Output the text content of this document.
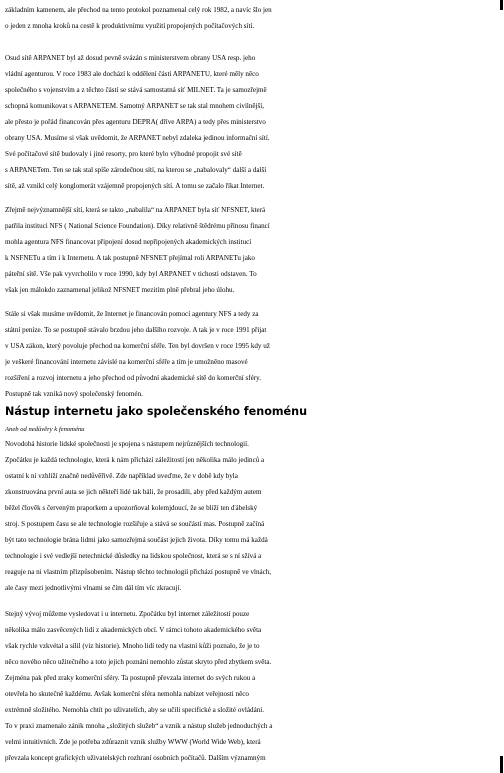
základním kamenem, ale přechod na tento protokol poznamenal celý rok 1982, a navíc šlo jen
o jeden z mnoha kroků na cestě k produktivnímu využití propojených počítačových sítí.
Osud sítě ARPANET byl až dosud pevně svázán s ministerstvem obrany USA resp. jeho
vládní agenturou. V roce 1983 ale dochází k oddělení části ARPANETU, které měly něco
společného s vojenstvím a z těchto částí se stává samostatná síť MILNET. Ta je samozřejmě
schopná komunikovat s ARPANETEM. Samotný ARPANET se tak stal mnohem civilnější,
ale přesto je pořád financován přes agenturu DEPRA( dříve ARPA) a tedy přes ministerstvo
obrany USA. Musíme si však uvědomit, že ARPANET nebyl zdaleka jedinou informační sítí.
Své počítačové sítě budovaly i jiné resorty, pro které bylo výhodné propojit své sítě
s ARPANETem. Ten se tak stal spíše zárodečnou sítí, na kterou se „nabalovaly“ další a další
sítě, až vznikl celý konglomerát vzájemně propojených sítí. A tomu se začalo říkat Internet.
Zřejmě nejvýznamnější sítí, která se takto „nabalila“ na ARPANET byla síť NFSNET, která
patřila instituci NFS ( National Science Foundation). Díky relativně štědrému přínosu financí
mohla agentura NFS financovat připojení dosud nepřipojených akademických institucí
k NSFNETu a tím i k Internetu. A tak postupně NFSNET přejímal roli ARPANETu jako
páteřní sítě. Vše pak vyvrcholilo v roce 1990, kdy byl ARPANET v tichosti odstaven. To
však jen málokdo zaznamenal jelikož NFSNET mezitím plně přebral jeho úlohu.
Stále si však musíme uvědomit, že Internet je financován pomocí agentury NFS a tedy za
státní peníze. To se postupně stávalo brzdou jeho dalšího rozvoje. A tak je v roce 1991 přijat
v USA zákon, který povoluje přechod na komerční sféře. Ten byl dovršen v roce 1995 kdy už
je veškeré financování internetu závislé na komerční sféře a tím je umožněno masové
rozšíření a rozvoj internetu a jeho přechod od původní akademické sítě do komerční sféry.
Postupně tak vzniká nový společenský fenomén.
Nástup internetu jako společenského fenoménu
Aneb od nedůvěry k fenoménu
Novodobá historie lidské společnosti je spojena s nástupem nejrůznějších technologií.
Zpočátku je každá technologie, která k nám přichází záležitostí jen několika málo jedinců a
ostatní k ní vzhlíží značně nedůvěřivě. Zde například uveďme, že v době kdy byla
zkonstruována první auta se jich někteří lidé tak báli, že prosadili, aby před každým autem
běžel člověk s červeným praporkem a upozorňoval kolemjdoucí, že se blíží ten ďábelský
stroj. S postupem času se ale technologie rozšiřuje a stává se součástí mas. Postupně začíná
být tato technologie brána lidmi jako samozřejmá součást jejich života. Díky tomu má každá
technologie i své vedlejší netechnické důsledky na lidskou společnost, která se s ní sžívá a
reaguje na ni vlastním přizpůsobením. Nástup těchto technologií přichází postupně ve vlnách,
ale časy mezi jednotlivými vlnami se čím dál tím víc zkracují.
Stejný vývoj můžeme vysledovat i u internetu. Zpočátku byl internet záležitostí pouze
několika málo zasvěcených lidí z akademických obcí. V rámci tohoto akademického světa
však rychle vzkvétal a sílil (viz historie). Mnoho lidí tedy na vlastní kůži poznalo, že je to
něco nového něco užitečného a toto jejich poznání nemohlo zůstat skryto před zbytkem světa.
Zejména pak před zraky komerční sféry. Ta postupně převzala internet do svých rukou a
otevřela ho skutečně každému. Avšak komerční sféra nemohla nabízet veřejnosti něco
extrémně složitého. Nemohla chtít po uživatelích, aby se učili specifické a složité ovládání.
To v praxi znamenalo zánik mnoha „složitých služeb“ a vznik a nástup služeb jednoduchých a
velmi intuitivních. Zde je potřeba zdůraznit vznik služby WWW (World Wide Web), která
převzala koncept grafických uživatelských rozhraní osobních počítačů. Dalším významným
